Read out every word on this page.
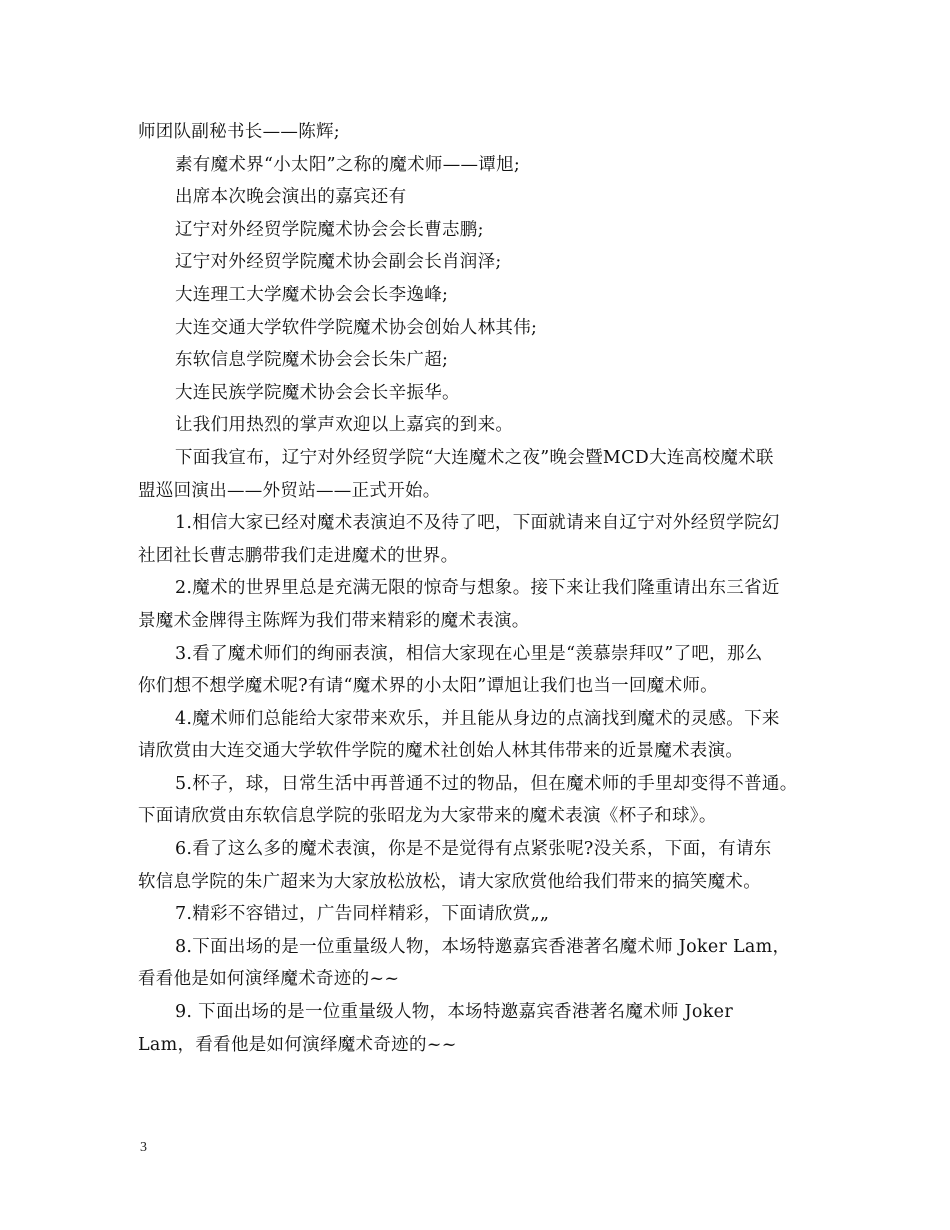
师团队副秘书长——陈辉;
素有魔术界“小太阳”之称的魔术师——谭旭;
出席本次晚会演出的嘉宾还有
辽宁对外经贸学院魔术协会会长曹志鹏;
辽宁对外经贸学院魔术协会副会长肖润泽;
大连理工大学魔术协会会长李逸峰;
大连交通大学软件学院魔术协会创始人林其伟;
东软信息学院魔术协会会长朱广超;
大连民族学院魔术协会会长辛振华。
让我们用热烈的掌声欢迎以上嘉宾的到来。
下面我宣布，辽宁对外经贸学院“大连魔术之夜”晚会暨MCD大连高校魔术联
盟巡回演出——外贸站——正式开始。
1.相信大家已经对魔术表演迫不及待了吧，下面就请来自辽宁对外经贸学院幻
社团社长曹志鹏带我们走进魔术的世界。
2.魔术的世界里总是充满无限的惊奇与想象。接下来让我们隆重请出东三省近
景魔术金牌得主陈辉为我们带来精彩的魔术表演。
3.看了魔术师们的绚丽表演，相信大家现在心里是“羡慕崇拜叹”了吧，那么
你们想不想学魔术呢?有请“魔术界的小太阳”谭旭让我们也当一回魔术师。
4.魔术师们总能给大家带来欢乐，并且能从身边的点滴找到魔术的灵感。下来
请欣赏由大连交通大学软件学院的魔术社创始人林其伟带来的近景魔术表演。
5.杯子，球，日常生活中再普通不过的物品，但在魔术师的手里却变得不普通。
下面请欣赏由东软信息学院的张昭龙为大家带来的魔术表演《杯子和球》。
6.看了这么多的魔术表演，你是不是觉得有点紧张呢?没关系，下面，有请东
软信息学院的朱广超来为大家放松放松，请大家欣赏他给我们带来的搞笑魔术。
7.精彩不容错过，广告同样精彩，下面请欣赏„„
8.下面出场的是一位重量级人物，本场特邀嘉宾香港著名魔术师 Joker Lam，
看看他是如何演绎魔术奇迹的~~
9. 下面出场的是一位重量级人物，本场特邀嘉宾香港著名魔术师 Joker
Lam，看看他是如何演绎魔术奇迹的~~
3
